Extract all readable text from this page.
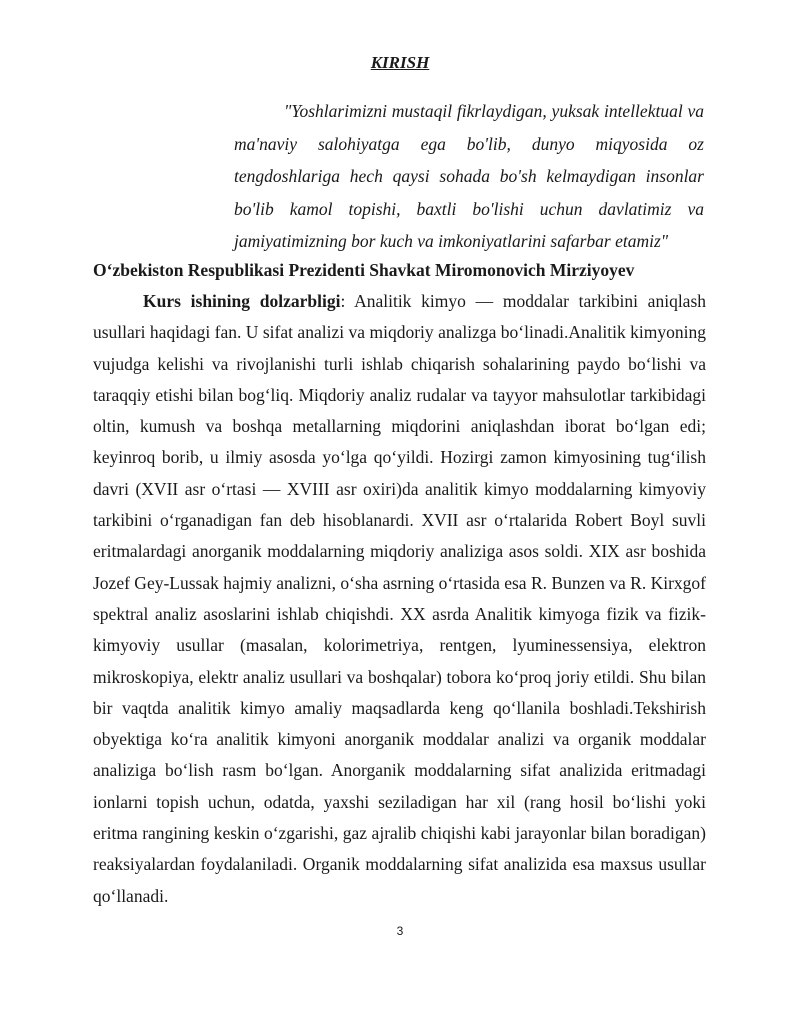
KIRISH
"Yoshlarimizni mustaqil fikrlaydigan, yuksak intellektual va ma'naviy salohiyatga ega bo'lib, dunyo miqyosida oz tengdoshlariga hech qaysi sohada bo'sh kelmaydigan insonlar bo'lib kamol topishi, baxtli bo'lishi uchun davlatimiz va jamiyatimizning bor kuch va imkoniyatlarini safarbar etamiz"
O‘zbekiston Respublikasi Prezidenti Shavkat Miromonovich Mirziyoyev
Kurs ishining dolzarbligi: Analitik kimyo — moddalar tarkibini aniqlash usullari haqidagi fan. U sifat analizi va miqdoriy analizga bo‘linadi.Analitik kimyoning vujudga kelishi va rivojlanishi turli ishlab chiqarish sohalarining paydo bo‘lishi va taraqqiy etishi bilan bog‘liq. Miqdoriy analiz rudalar va tayyor mahsulotlar tarkibidagi oltin, kumush va boshqa metallarning miqdorini aniqlashdan iborat bo‘lgan edi; keyinroq borib, u ilmiy asosda yo‘lga qo‘yildi. Hozirgi zamon kimyosining tug‘ilish davri (XVII asr o‘rtasi — XVIII asr oxiri)da analitik kimyo moddalarning kimyoviy tarkibini o‘rganadigan fan deb hisoblanardi. XVII asr o‘rtalarida Robert Boyl suvli eritmalardagi anorganik moddalarning miqdoriy analiziga asos soldi. XIX asr boshida Jozef Gey-Lussak hajmiy analizni, o‘sha asrning o‘rtasida esa R. Bunzen va R. Kirxgof spektral analiz asoslarini ishlab chiqishdi. XX asrda Analitik kimyoga fizik va fizik-kimyoviy usullar (masalan, kolorimetriya, rentgen, lyuminessensiya, elektron mikroskopiya, elektr analiz usullari va boshqalar) tobora ko‘proq joriy etildi. Shu bilan bir vaqtda analitik kimyo amaliy maqsadlarda keng qo‘llanila boshladi.Tekshirish obyektiga ko‘ra analitik kimyoni anorganik moddalar analizi va organik moddalar analiziga bo‘lish rasm bo‘lgan. Anorganik moddalarning sifat analizida eritmadagi ionlarni topish uchun, odatda, yaxshi seziladigan har xil (rang hosil bo‘lishi yoki eritma rangining keskin o‘zgarishi, gaz ajralib chiqishi kabi jarayonlar bilan boradigan) reaksiyalardan foydalaniladi. Organik moddalarning sifat analizida esa maxsus usullar qo‘llanadi.
3
